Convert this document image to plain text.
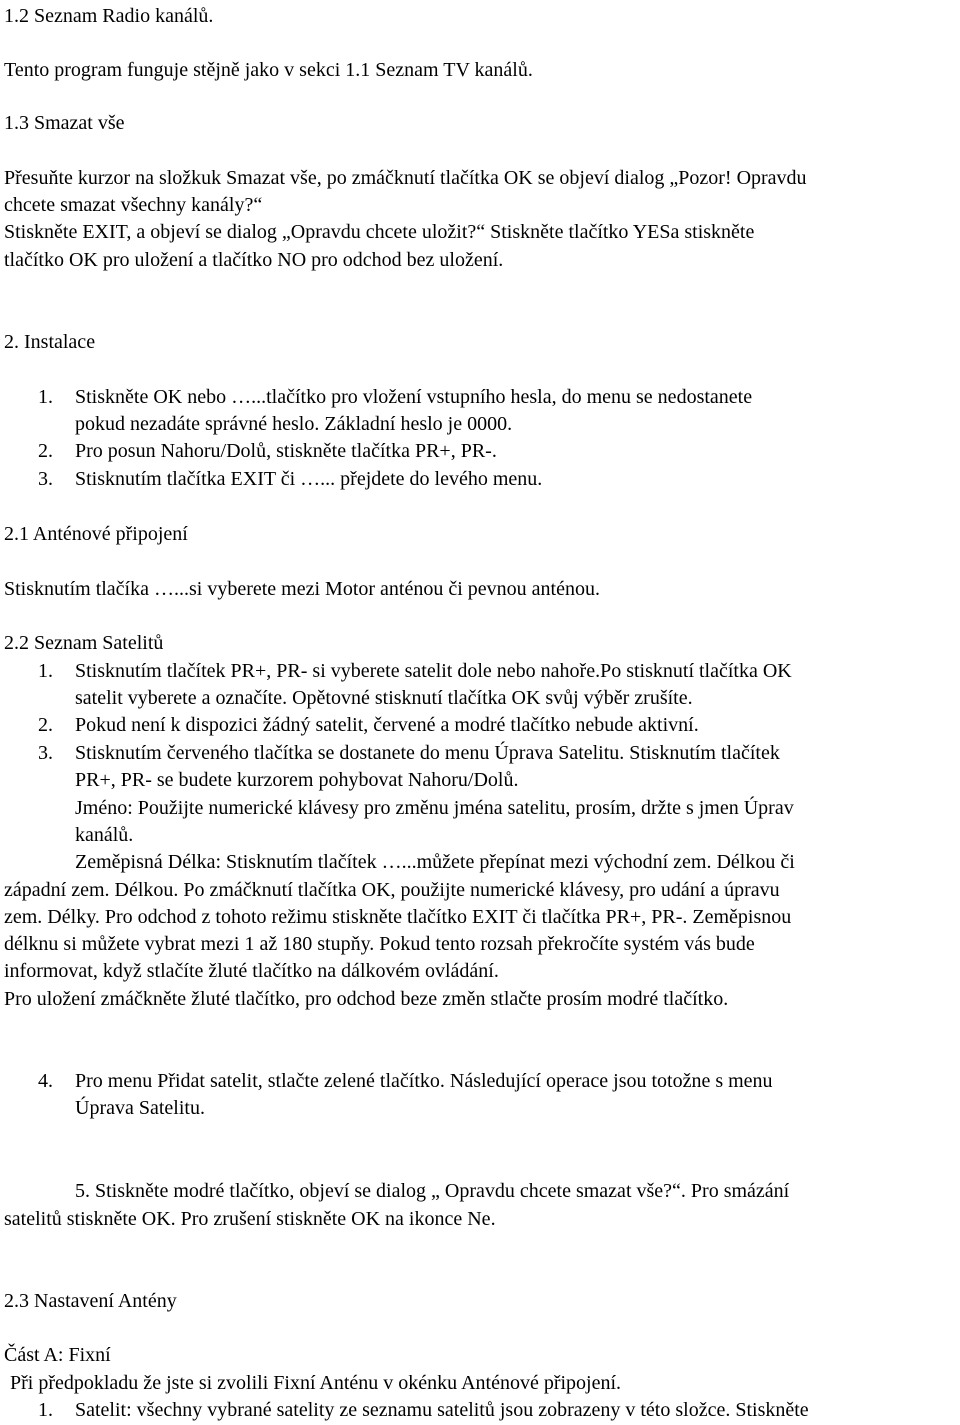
1.2 Seznam Radio kanálů.
Tento program funguje stějně jako v sekci 1.1 Seznam TV kanálů.
1.3 Smazat vše
Přesuňte kurzor na složkuk Smazat vše, po zmáčknutí tlačítka OK se objeví dialog „Pozor! Opravdu
chcete smazat všechny kanály?“
Stiskněte EXIT, a objeví se dialog „Opravdu chcete uložit?“ Stiskněte tlačítko YESa stiskněte
tlačítko OK pro uložení a tlačítko NO pro odchod bez uložení.
2. Instalace
1. Stiskněte OK nebo …...tlačítko pro vložení vstupního hesla, do menu se nedostanete
pokud nezadáte správné heslo. Základní heslo je 0000.
2. Pro posun Nahoru/Dolů, stiskněte tlačítka PR+, PR-.
3. Stisknutím tlačítka EXIT či …... přejdete do levého menu.
2.1 Anténové připojení
Stisknutím tlačíka …...si vyberete mezi Motor anténou či pevnou anténou.
2.2 Seznam Satelitů
1. Stisknutím tlačítek PR+, PR- si vyberete satelit dole nebo nahoře.Po stisknutí tlačítka OK
satelit vyberete a označíte. Opětovné stisknutí tlačítka OK svůj výběr zrušíte.
2. Pokud není k dispozici žádný satelit, červené a modré tlačítko nebude aktivní.
3. Stisknutím červeného tlačítka se dostanete do menu Úprava Satelitu. Stisknutím tlačítek
PR+, PR- se budete kurzorem pohybovat Nahoru/Dolů.
Jméno: Použijte numerické klávesy pro změnu jména satelitu, prosím, držte s jmen Úprav
kanálů.
Zeměpisná Délka: Stisknutím tlačítek …...můžete přepínat mezi východní zem. Délkou či
západní zem. Délkou. Po zmáčknutí tlačítka OK, použijte numerické klávesy, pro udání a úpravu
zem. Délky. Pro odchod z tohoto režimu stiskněte tlačítko EXIT či tlačítka PR+, PR-. Zeměpisnou
délknu si můžete vybrat mezi 1 až 180 stupňy. Pokud tento rozsah překročíte systém vás bude
informovat, když stlačíte žluté tlačítko na dálkovém ovládání.
Pro uložení zmáčkněte žluté tlačítko, pro odchod beze změn stlačte prosím modré tlačítko.
4. Pro menu Přidat satelit, stlačte zelené tlačítko. Následující operace jsou totožne s menu
Úprava Satelitu.
5. Stiskněte modré tlačítko, objeví se dialog „ Opravdu chcete smazat vše?“. Pro smázání
satelitů stiskněte OK. Pro zrušení stiskněte OK na ikonce Ne.
2.3 Nastavení Antény
Část A: Fixní
Při předpokladu že jste si zvolili Fixní Anténu v okénku Anténové připojení.
1. Satelit: všechny vybrané satelity ze seznamu satelitů jsou zobrazeny v této složce. Stiskněte
